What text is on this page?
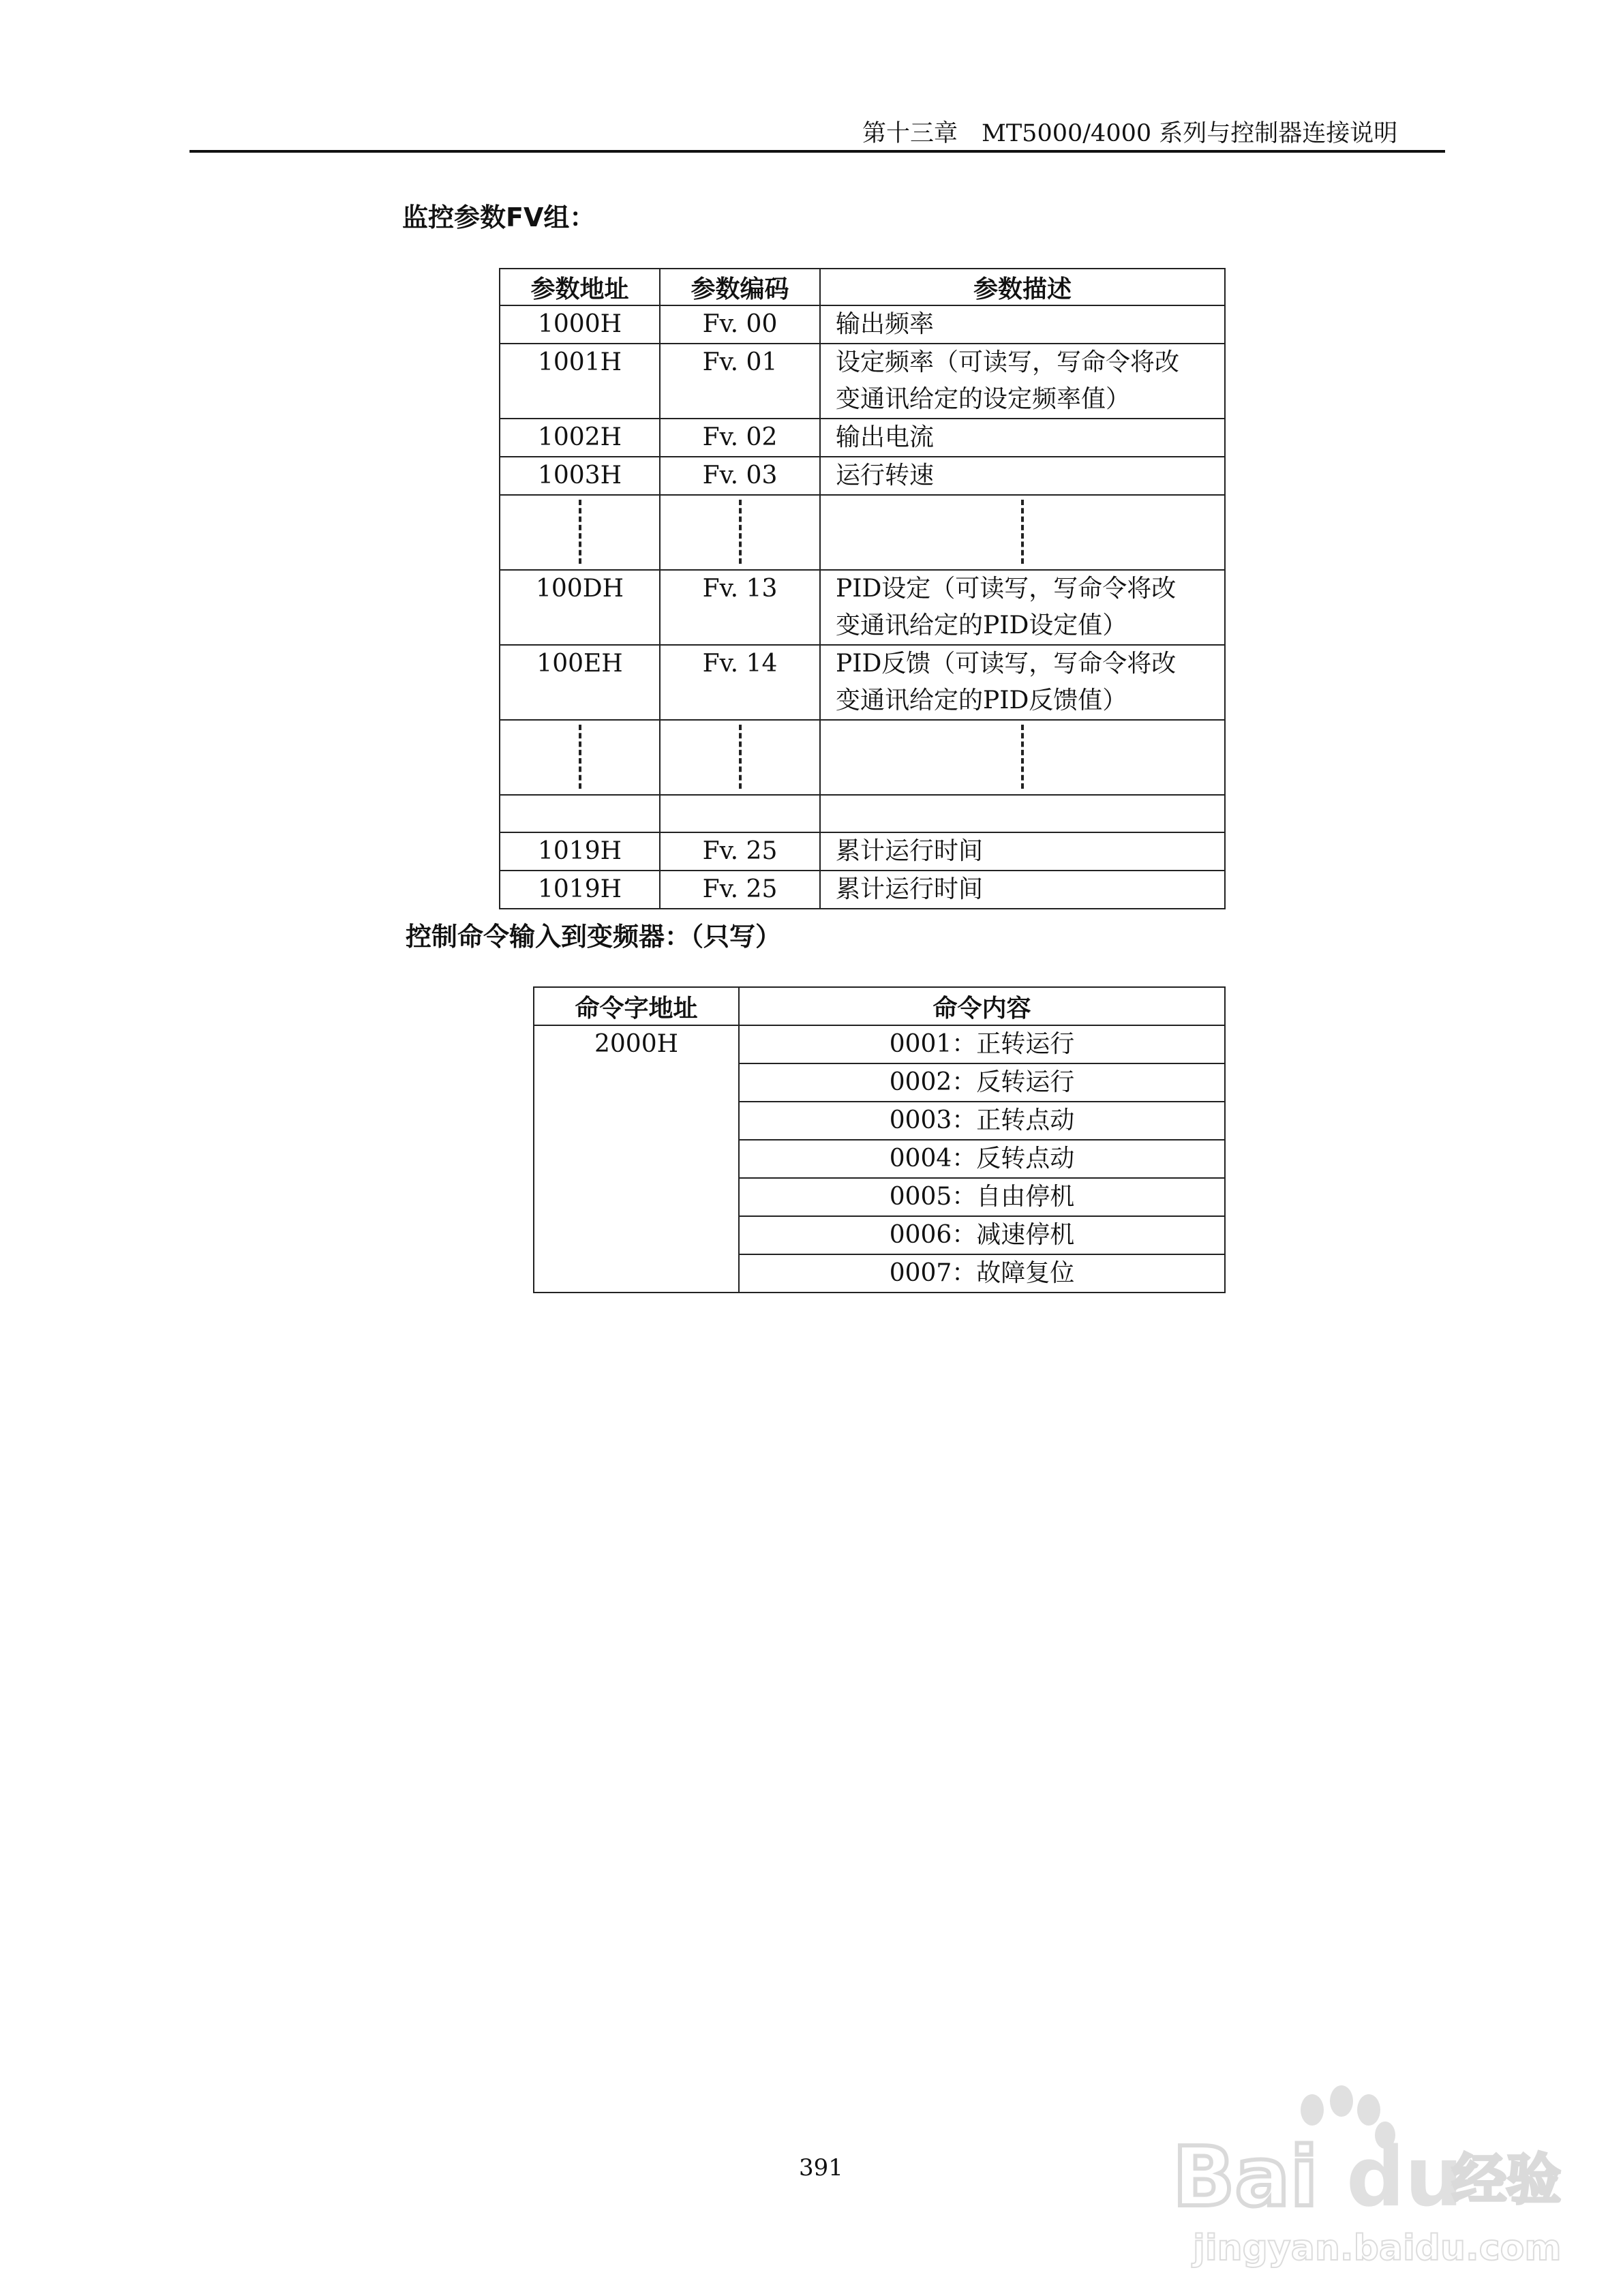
第十三章　MT5000/4000 系列与控制器连接说明
监控参数FV组：
参数地址	参数编码	参数描述

1000H	Fv. 00	输出频率

1001H	Fv. 01	设定频率（可读写，写命令将改
变通讯给定的设定频率值）

1002H	Fv. 02	输出电流

1003H	Fv. 03	运行转速

100DH	Fv. 13	PID设定（可读写，写命令将改
变通讯给定的PID设定值）

100EH	Fv. 14	PID反馈（可读写，写命令将改
变通讯给定的PID反馈值）

1019H	Fv. 25	累计运行时间

1019H	Fv. 25	累计运行时间
控制命令输入到变频器：（只写）
命令字地址	命令内容

2000H	0001：正转运行

	0002：反转运行

	0003：正转点动

	0004：反转点动

	0005：自由停机

	0006：减速停机

	0007：故障复位
391	Bai du
经验
jingyan.baidu.com
